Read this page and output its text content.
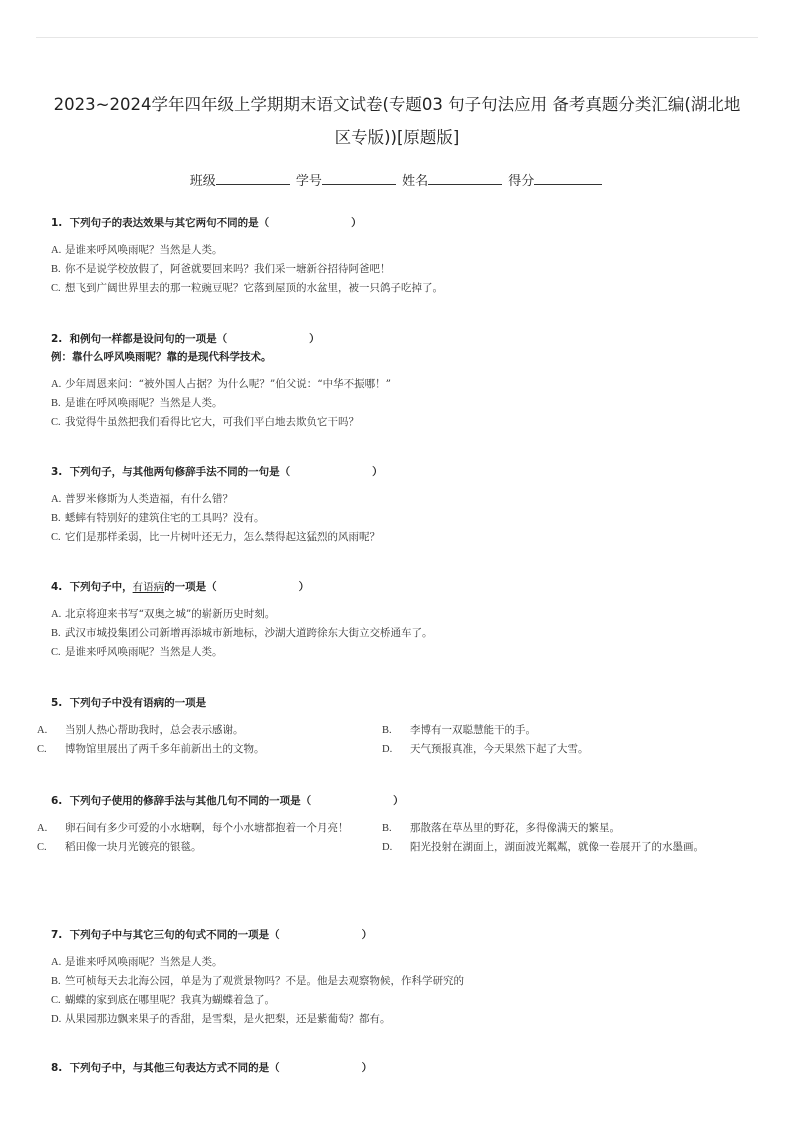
2023~2024学年四年级上学期期末语文试卷(专题03 句子句法应用 备考真题分类汇编(湖北地
区专版))[原题版]
班级	学号	姓名	得分
1.  下列句子的表达效果与其它两句不同的是（	）
A. 是谁来呼风唤雨呢？当然是人类。
B. 你不是说学校放假了，阿爸就要回来吗？我们采一塘新谷招待阿爸吧！
C. 想飞到广阔世界里去的那一粒豌豆呢？它落到屋顶的水盆里，被一只鸽子吃掉了。
2.  和例句一样都是设问句的一项是（	）
例：靠什么呼风唤雨呢？靠的是现代科学技术。
A. 少年周恩来问：“被外国人占据？为什么呢？”伯父说：“中华不振哪！”
B. 是谁在呼风唤雨呢？当然是人类。
C. 我觉得牛虽然把我们看得比它大，可我们平白地去欺负它干吗？
3.  下列句子，与其他两句修辞手法不同的一句是（	）
A. 普罗米修斯为人类造福，有什么错？
B. 蟋蟀有特别好的建筑住宅的工具吗？没有。
C. 它们是那样柔弱，比一片树叶还无力，怎么禁得起这猛烈的风雨呢？
4.  下列句子中，有语病的一项是（	）
A. 北京将迎来书写“双奥之城”的崭新历史时刻。
B. 武汉市城投集团公司新增再添城市新地标，沙湖大道跨徐东大街立交桥通车了。
C. 是谁来呼风唤雨呢？当然是人类。
5.  下列句子中没有语病的一项是
A. 当别人热心帮助我时，总会表示感谢。	B. 李博有一双聪慧能干的手。
C. 博物馆里展出了两千多年前新出土的文物。	D. 天气预报真准，今天果然下起了大雪。
6.  下列句子使用的修辞手法与其他几句不同的一项是（	）
A. 卵石间有多少可爱的小水塘啊，每个小水塘都抱着一个月亮！	B. 那散落在草丛里的野花，多得像满天的繁星。
C. 稻田像一块月光镀亮的银毯。	D. 阳光投射在湖面上，湖面波光粼粼，就像一卷展开了的水墨画。
7.  下列句子中与其它三句的句式不同的一项是（	）
A. 是谁来呼风唤雨呢？当然是人类。
B. 竺可桢每天去北海公园，单是为了观赏景物吗？不是。他是去观察物候，作科学研究的
C. 蝴蝶的家到底在哪里呢？我真为蝴蝶着急了。
D. 从果园那边飘来果子的香甜，是雪梨，是火把梨，还是紫葡萄？都有。
8.  下列句子中，与其他三句表达方式不同的是（	）
